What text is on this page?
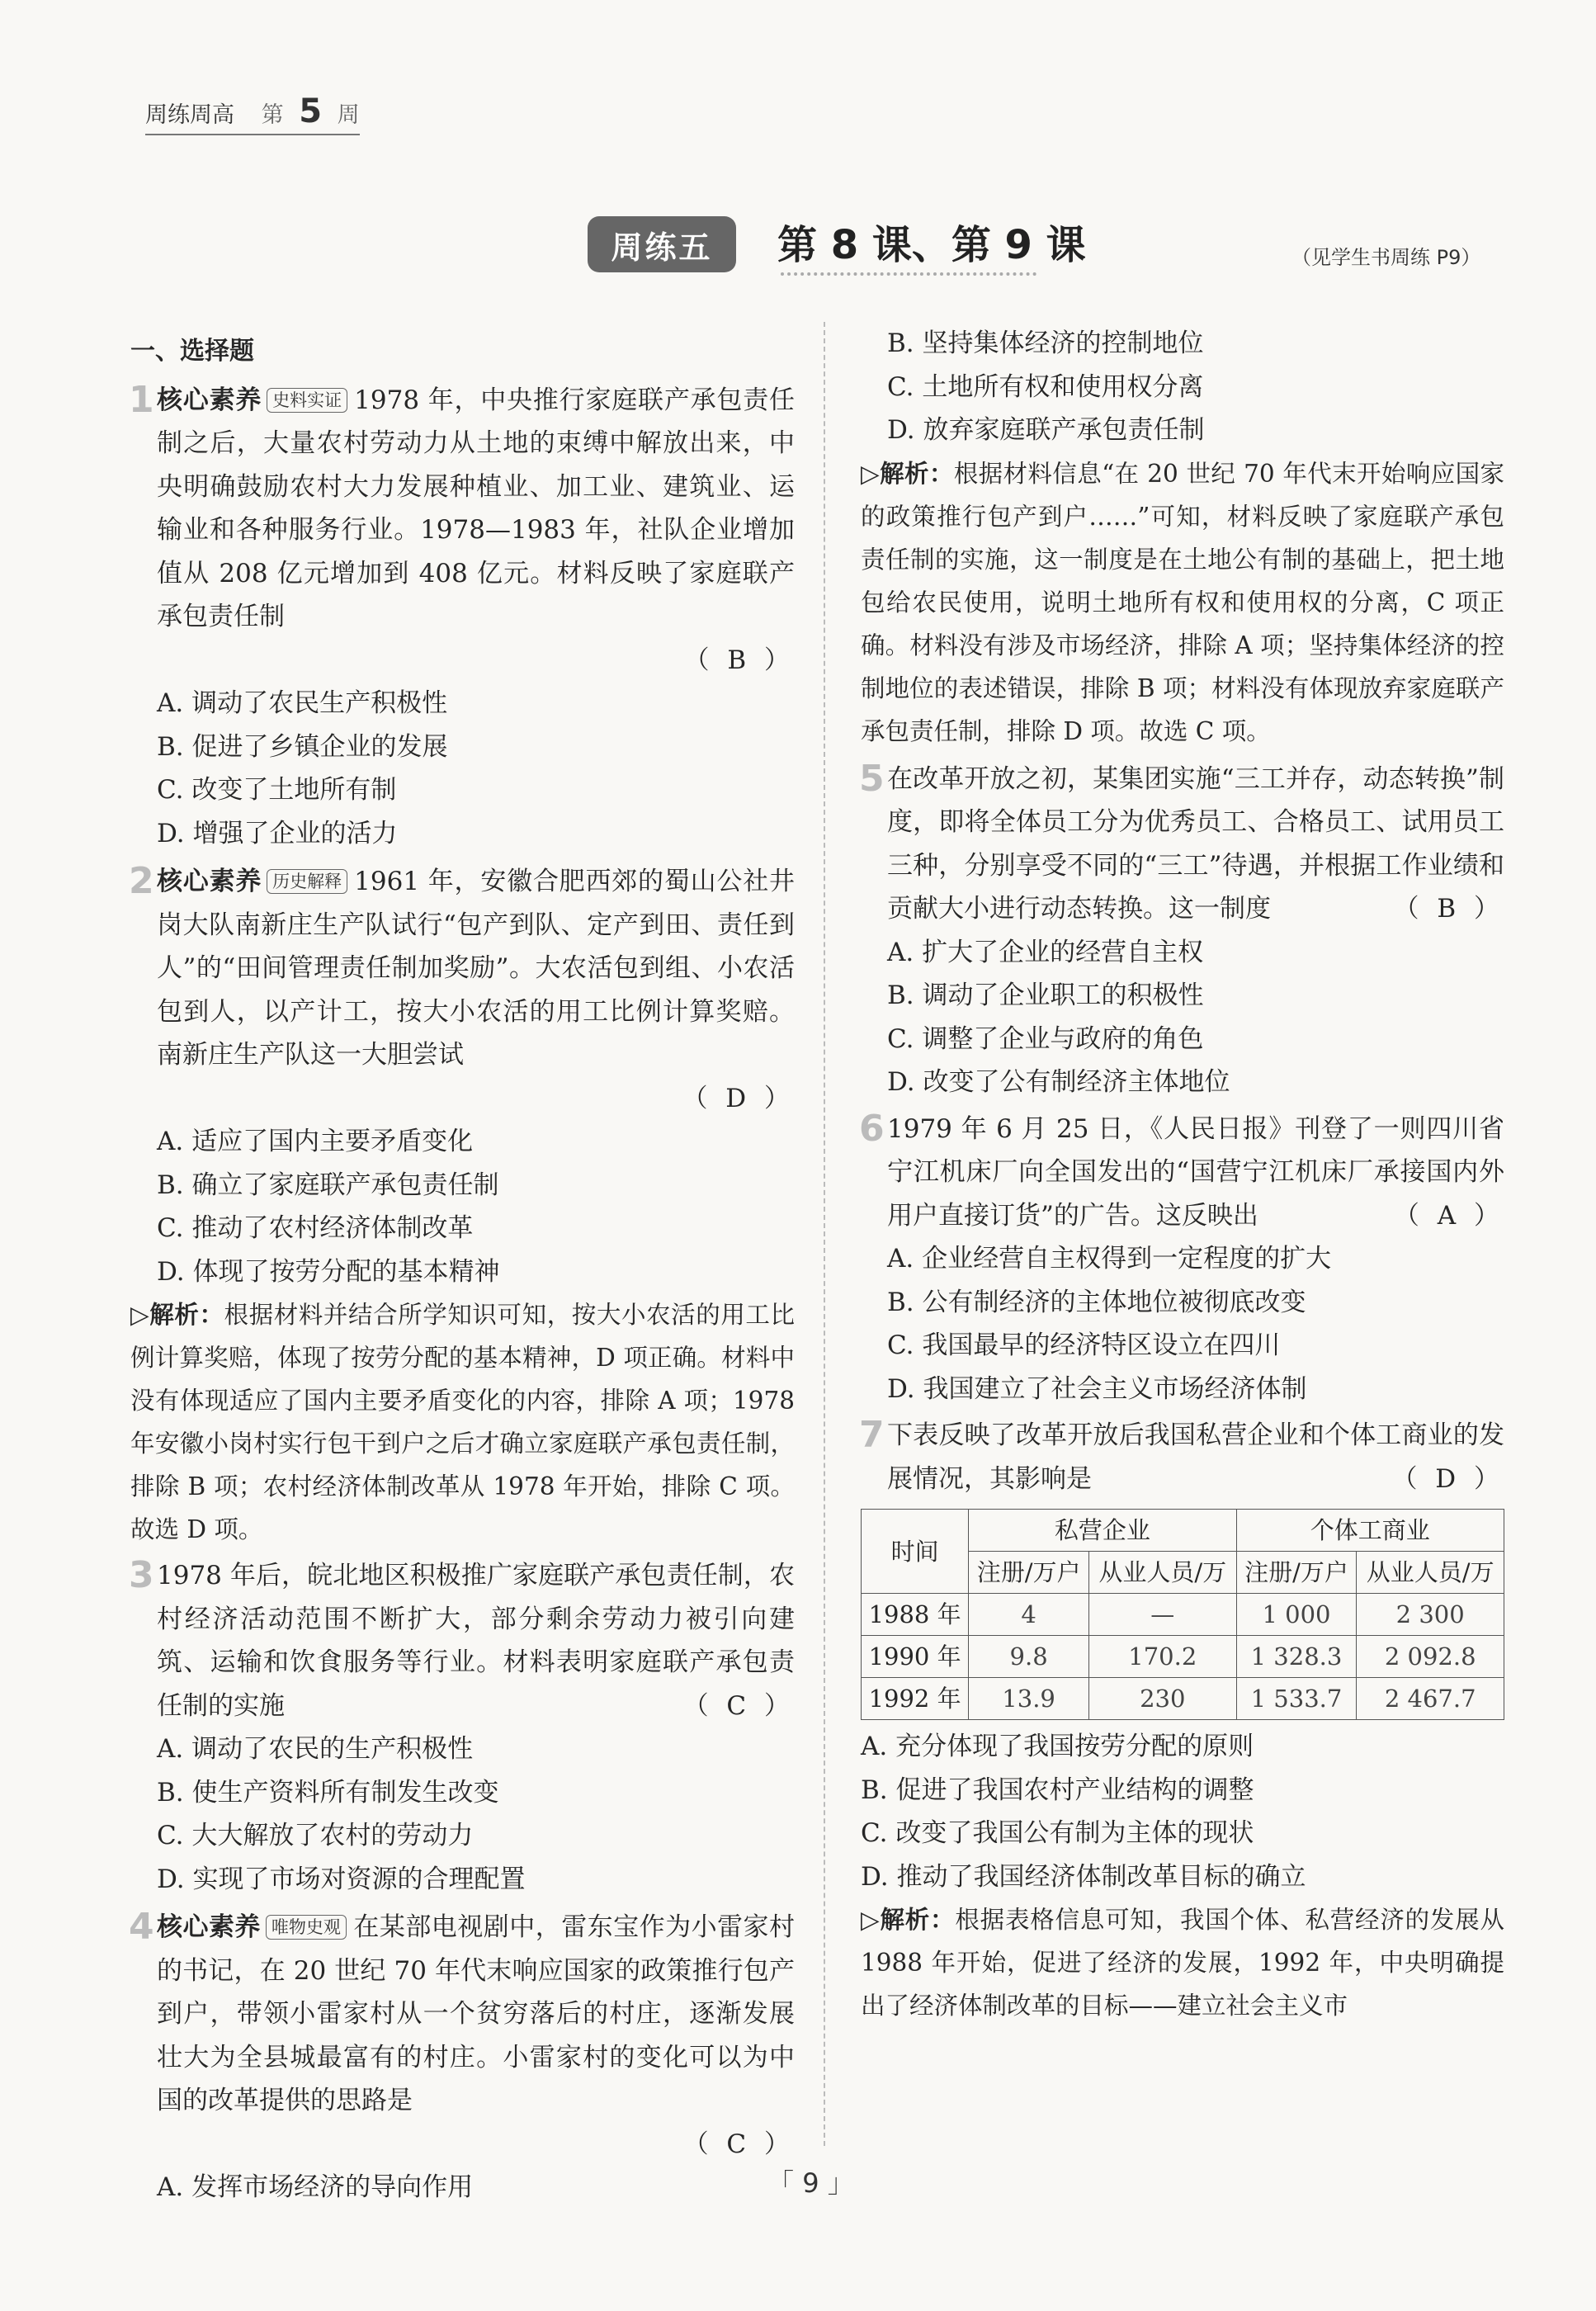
周练周高 第 5 周
周练五	第 8 课、第 9 课	（见学生书周练 P9）
一、选择题
1 核心素养 史料实证 1978 年，中央推行家庭联产承包责任制之后，大量农村劳动力从土地的束缚中解放出来，中央明确鼓励农村大力发展种植业、加工业、建筑业、运输业和各种服务行业。1978—1983 年，社队企业增加值从 208 亿元增加到 408 亿元。材料反映了家庭联产承包责任制
（ B ）
A. 调动了农民生产积极性
B. 促进了乡镇企业的发展
C. 改变了土地所有制
D. 增强了企业的活力
2 核心素养 历史解释 1961 年，安徽合肥西郊的蜀山公社井岗大队南新庄生产队试行“包产到队、定产到田、责任到人”的“田间管理责任制加奖励”。大农活包到组、小农活包到人，以产计工，按大小农活的用工比例计算奖赔。南新庄生产队这一大胆尝试
（ D ）
A. 适应了国内主要矛盾变化
B. 确立了家庭联产承包责任制
C. 推动了农村经济体制改革
D. 体现了按劳分配的基本精神
▷解析：根据材料并结合所学知识可知，按大小农活的用工比例计算奖赔，体现了按劳分配的基本精神，D 项正确。材料中没有体现适应了国内主要矛盾变化的内容，排除 A 项；1978 年安徽小岗村实行包干到户之后才确立家庭联产承包责任制，排除 B 项；农村经济体制改革从 1978 年开始，排除 C 项。故选 D 项。
3 1978 年后，皖北地区积极推广家庭联产承包责任制，农村经济活动范围不断扩大，部分剩余劳动力被引向建筑、运输和饮食服务等行业。材料表明家庭联产承包责任制的实施	（ C ）
A. 调动了农民的生产积极性
B. 使生产资料所有制发生改变
C. 大大解放了农村的劳动力
D. 实现了市场对资源的合理配置
4 核心素养 唯物史观 在某部电视剧中，雷东宝作为小雷家村的书记，在 20 世纪 70 年代末响应国家的政策推行包产到户，带领小雷家村从一个贫穷落后的村庄，逐渐发展壮大为全县城最富有的村庄。小雷家村的变化可以为中国的改革提供的思路是
（ C ）
A. 发挥市场经济的导向作用
B. 坚持集体经济的控制地位
C. 土地所有权和使用权分离
D. 放弃家庭联产承包责任制
▷解析：根据材料信息“在 20 世纪 70 年代末开始响应国家的政策推行包产到户……”可知，材料反映了家庭联产承包责任制的实施，这一制度是在土地公有制的基础上，把土地包给农民使用，说明土地所有权和使用权的分离，C 项正确。材料没有涉及市场经济，排除 A 项；坚持集体经济的控制地位的表述错误，排除 B 项；材料没有体现放弃家庭联产承包责任制，排除 D 项。故选 C 项。
5 在改革开放之初，某集团实施“三工并存，动态转换”制度，即将全体员工分为优秀员工、合格员工、试用员工三种，分别享受不同的“三工”待遇，并根据工作业绩和贡献大小进行动态转换。这一制度	（ B ）
A. 扩大了企业的经营自主权
B. 调动了企业职工的积极性
C. 调整了企业与政府的角色
D. 改变了公有制经济主体地位
6 1979 年 6 月 25 日，《人民日报》刊登了一则四川省宁江机床厂向全国发出的“国营宁江机床厂承接国内外用户直接订货”的广告。这反映出	（ A ）
A. 企业经营自主权得到一定程度的扩大
B. 公有制经济的主体地位被彻底改变
C. 我国最早的经济特区设立在四川
D. 我国建立了社会主义市场经济体制
7 下表反映了改革开放后我国私营企业和个体工商业的发展情况，其影响是	（ D ）
时间	私营企业		个体工商业	
	注册/万户	从业人员/万	注册/万户	从业人员/万
1988 年	4	—	1 000	2 300
1990 年	9.8	170.2	1 328.3	2 092.8
1992 年	13.9	230	1 533.7	2 467.7
A. 充分体现了我国按劳分配的原则
B. 促进了我国农村产业结构的调整
C. 改变了我国公有制为主体的现状
D. 推动了我国经济体制改革目标的确立
▷解析：根据表格信息可知，我国个体、私营经济的发展从 1988 年开始，促进了经济的发展，1992 年，中央明确提出了经济体制改革的目标——建立社会主义市
「 9 」
